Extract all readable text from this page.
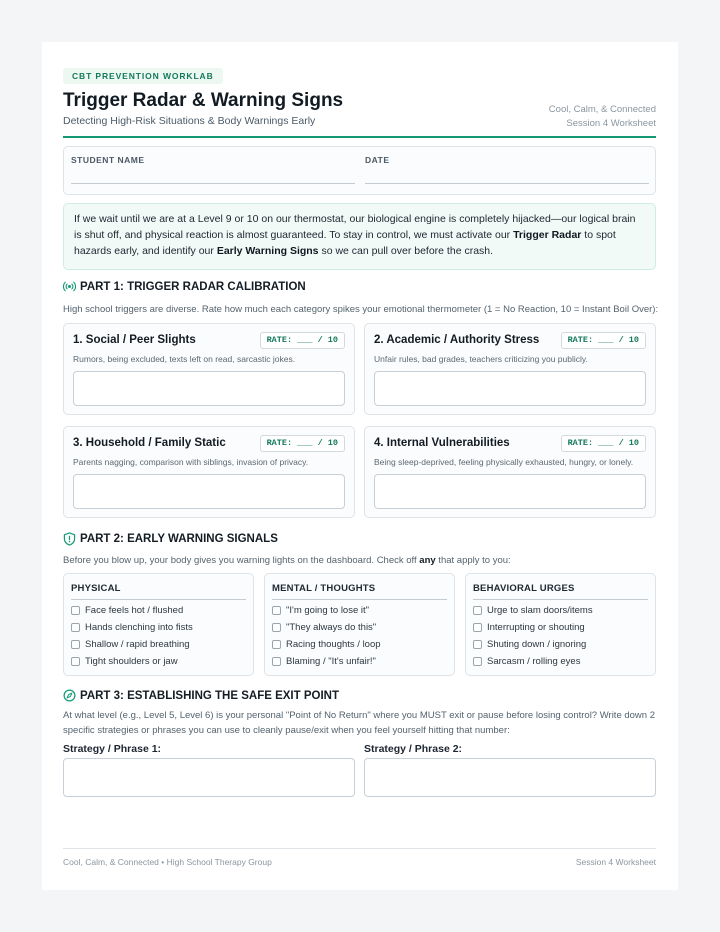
CBT PREVENTION WORKLAB
Trigger Radar & Warning Signs
Detecting High-Risk Situations & Body Warnings Early
Cool, Calm, & Connected
Session 4 Worksheet
STUDENT NAME	DATE
If we wait until we are at a Level 9 or 10 on our thermostat, our biological engine is completely hijacked—our logical brain is shut off, and physical reaction is almost guaranteed. To stay in control, we must activate our Trigger Radar to spot hazards early, and identify our Early Warning Signs so we can pull over before the crash.
PART 1: TRIGGER RADAR CALIBRATION
High school triggers are diverse. Rate how much each category spikes your emotional thermometer (1 = No Reaction, 10 = Instant Boil Over):
1. Social / Peer Slights	RATE: ___ / 10
Rumors, being excluded, texts left on read, sarcastic jokes.
2. Academic / Authority Stress	RATE: ___ / 10
Unfair rules, bad grades, teachers criticizing you publicly.
3. Household / Family Static	RATE: ___ / 10
Parents nagging, comparison with siblings, invasion of privacy.
4. Internal Vulnerabilities	RATE: ___ / 10
Being sleep-deprived, feeling physically exhausted, hungry, or lonely.
PART 2: EARLY WARNING SIGNALS
Before you blow up, your body gives you warning lights on the dashboard. Check off any that apply to you:
PHYSICAL
Face feels hot / flushed
Hands clenching into fists
Shallow / rapid breathing
Tight shoulders or jaw
MENTAL / THOUGHTS
"I'm going to lose it"
"They always do this"
Racing thoughts / loop
Blaming / "It's unfair!"
BEHAVIORAL URGES
Urge to slam doors/items
Interrupting or shouting
Shuting down / ignoring
Sarcasm / rolling eyes
PART 3: ESTABLISHING THE SAFE EXIT POINT
At what level (e.g., Level 5, Level 6) is your personal "Point of No Return" where you MUST exit or pause before losing control? Write down 2
specific strategies or phrases you can use to cleanly pause/exit when you feel yourself hitting that number:
Strategy / Phrase 1:	Strategy / Phrase 2:
Cool, Calm, & Connected • High School Therapy Group	Session 4 Worksheet
